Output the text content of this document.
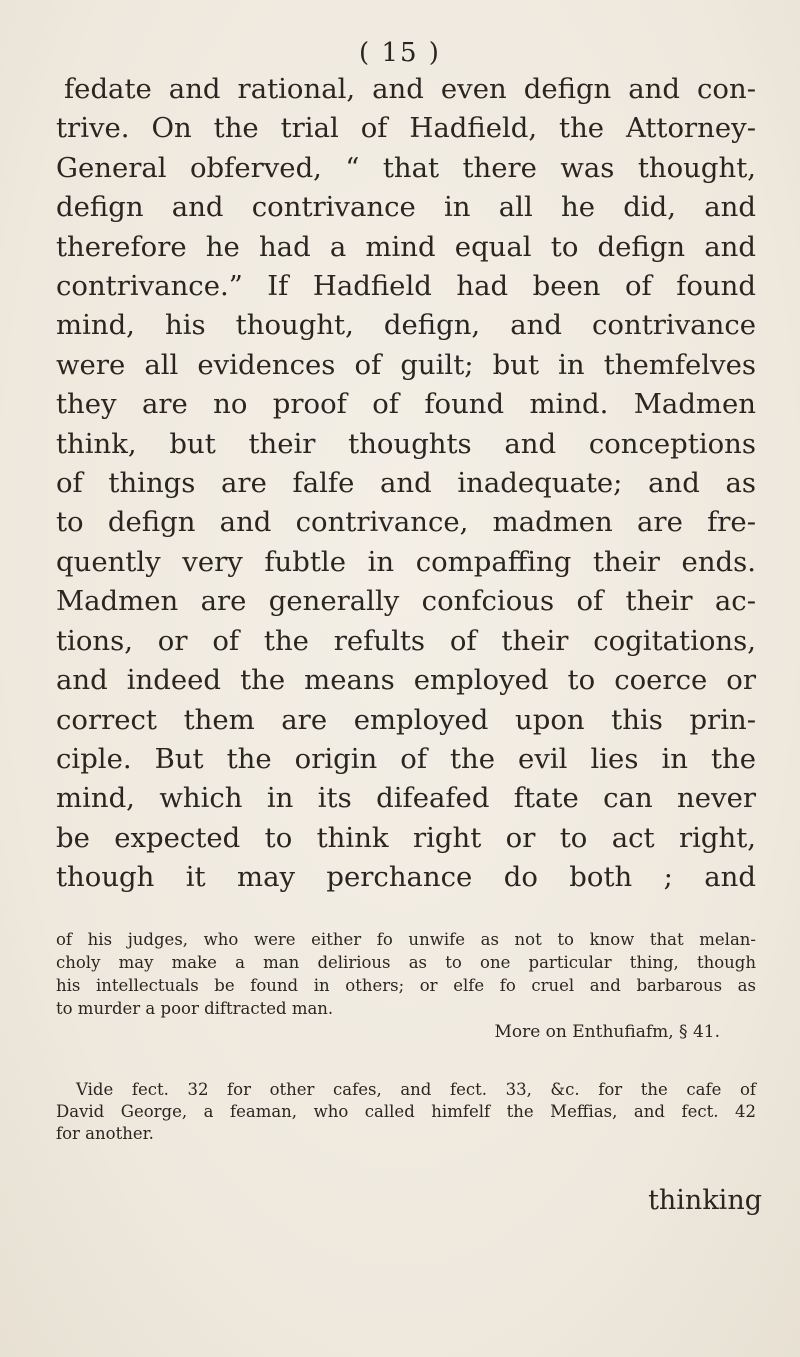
( 15 )
fedate and rational, and even defign and con-
trive. On the trial of Hadfield, the Attorney-
General obferved, “ that there was thought,
defign and contrivance in all he did, and
therefore he had a mind equal to defign and
contrivance.” If Hadfield had been of found
mind, his thought, defign, and contrivance
were all evidences of guilt; but in themfelves
they are no proof of found mind. Madmen
think, but their thoughts and conceptions
of things are falfe and inadequate; and as
to defign and contrivance, madmen are fre-
quently very fubtle in compaffing their ends.
Madmen are generally confcious of their ac-
tions, or of the refults of their cogitations,
and indeed the means employed to coerce or
correct them are employed upon this prin-
ciple. But the origin of the evil lies in the
mind, which in its difeafed ftate can never
be expected to think right or to act right,
though it may perchance do both ; and
of his judges, who were either fo unwife as not to know that melan-
choly may make a man delirious as to one particular thing, though
his intellectuals be found in others; or elfe fo cruel and barbarous as
to murder a poor diftracted man.
More on Enthufiafm, § 41.
Vide fect. 32 for other cafes, and fect. 33, &c. for the cafe of
David George, a feaman, who called himfelf the Meffias, and fect. 42
for another.
thinking
